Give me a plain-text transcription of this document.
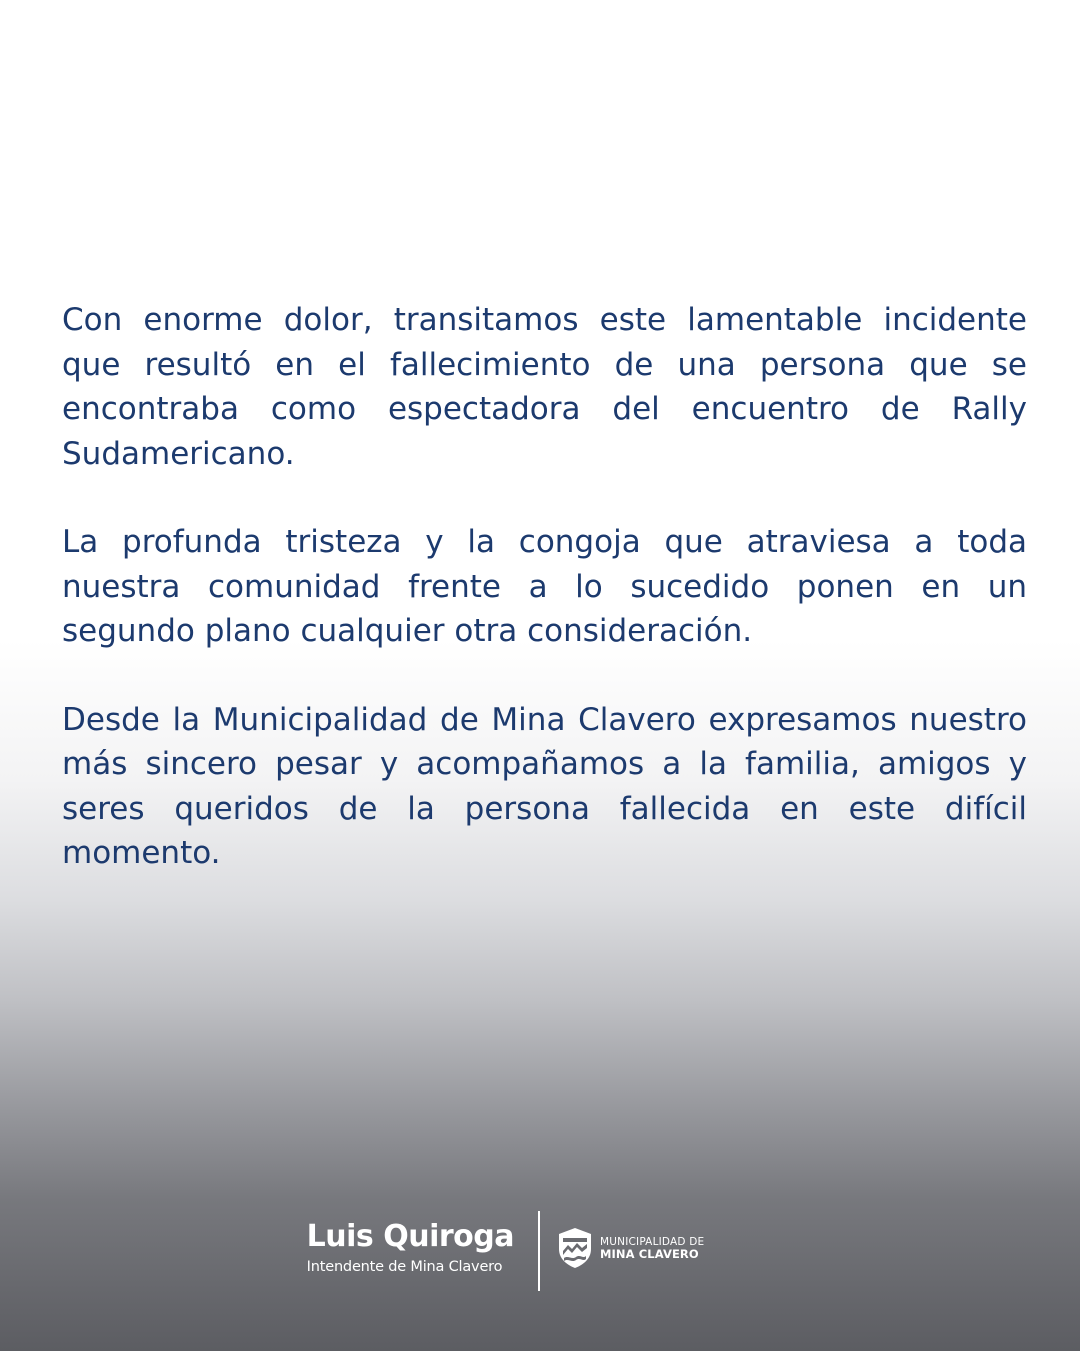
Con enorme dolor, transitamos este lamentable incidente que resultó en el fallecimiento de una persona que se encontraba como espectadora del encuentro de Rally Sudamericano.

La profunda tristeza y la congoja que atraviesa a toda nuestra comunidad frente a lo sucedido ponen en un segundo plano cualquier otra consideración.

Desde la Municipalidad de Mina Clavero expresamos nuestro más sincero pesar y acompañamos a la familia, amigos y seres queridos de la persona fallecida en este difícil momento.

Luis Quiroga
Intendente de Mina Clavero
MUNICIPALIDAD DE
MINA CLAVERO
